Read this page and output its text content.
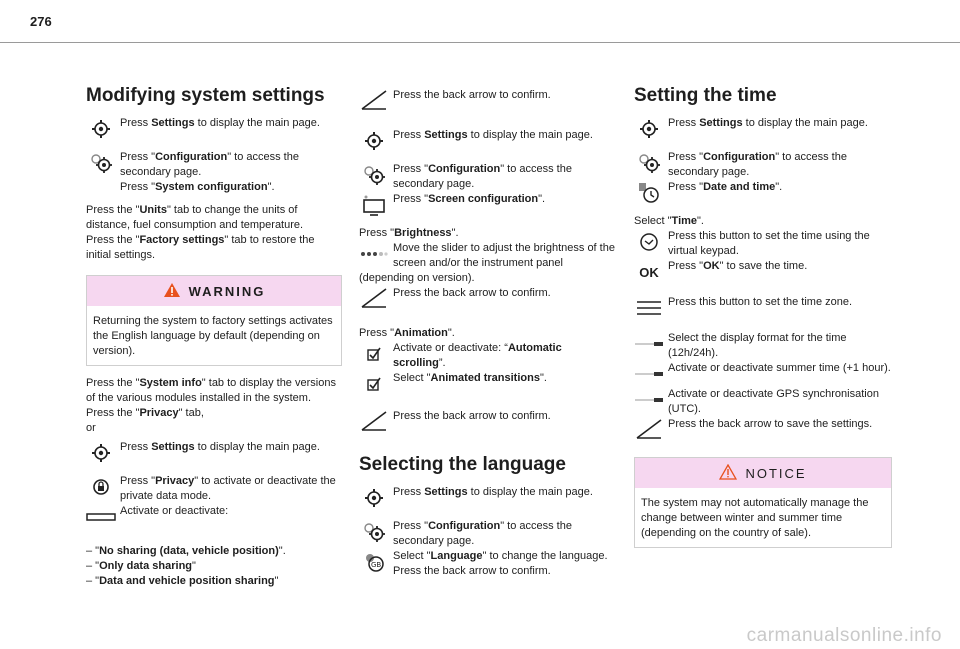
276
Modifying system settings
Press Settings to display the main page.
Press "Configuration" to access the secondary page.
Press "System configuration".

Press the "Units" tab to change the units of distance, fuel consumption and temperature.

Press the "Factory settings" tab to restore the initial settings.

WARNING
Returning the system to factory settings activates the English language by default (depending on version).

Press the "System info" tab to display the versions of the various modules installed in the system.

Press the "Privacy" tab,

or

Press Settings to display the main page.
Press "Privacy" to activate or deactivate the private data mode.
Activate or deactivate:

– "No sharing (data, vehicle position)".

– "Only data sharing"

– "Data and vehicle position sharing"

Press the back arrow to confirm.
Press Settings to display the main page.
Press "Configuration" to access the secondary page.
Press "Screen configuration".

Press "Brightness".

Move the slider to adjust the brightness of the screen and/or the instrument panel

(depending on version).

Press the back arrow to confirm.

Press "Animation".

Activate or deactivate: “Automatic scrolling”.
Select "Animated transitions".
Press the back arrow to confirm.
Selecting the language
Press Settings to display the main page.
Press "Configuration" to access the secondary page.
GB
Select "Language" to change the language.
Press the back arrow to confirm.
Setting the time
Press Settings to display the main page.
Press "Configuration" to access the secondary page.
Press "Date and time".

Select "Time".

Press this button to set the time using the virtual keypad.
OK Press "OK" to save the time.
Press this button to set the time zone.
Select the display format for the time (12h/24h).
Activate or deactivate summer time (+1 hour).
Activate or deactivate GPS synchronisation (UTC).
Press the back arrow to save the settings.
NOTICE
The system may not automatically manage the change between winter and summer time (depending on the country of sale).
carmanualsonline.info
